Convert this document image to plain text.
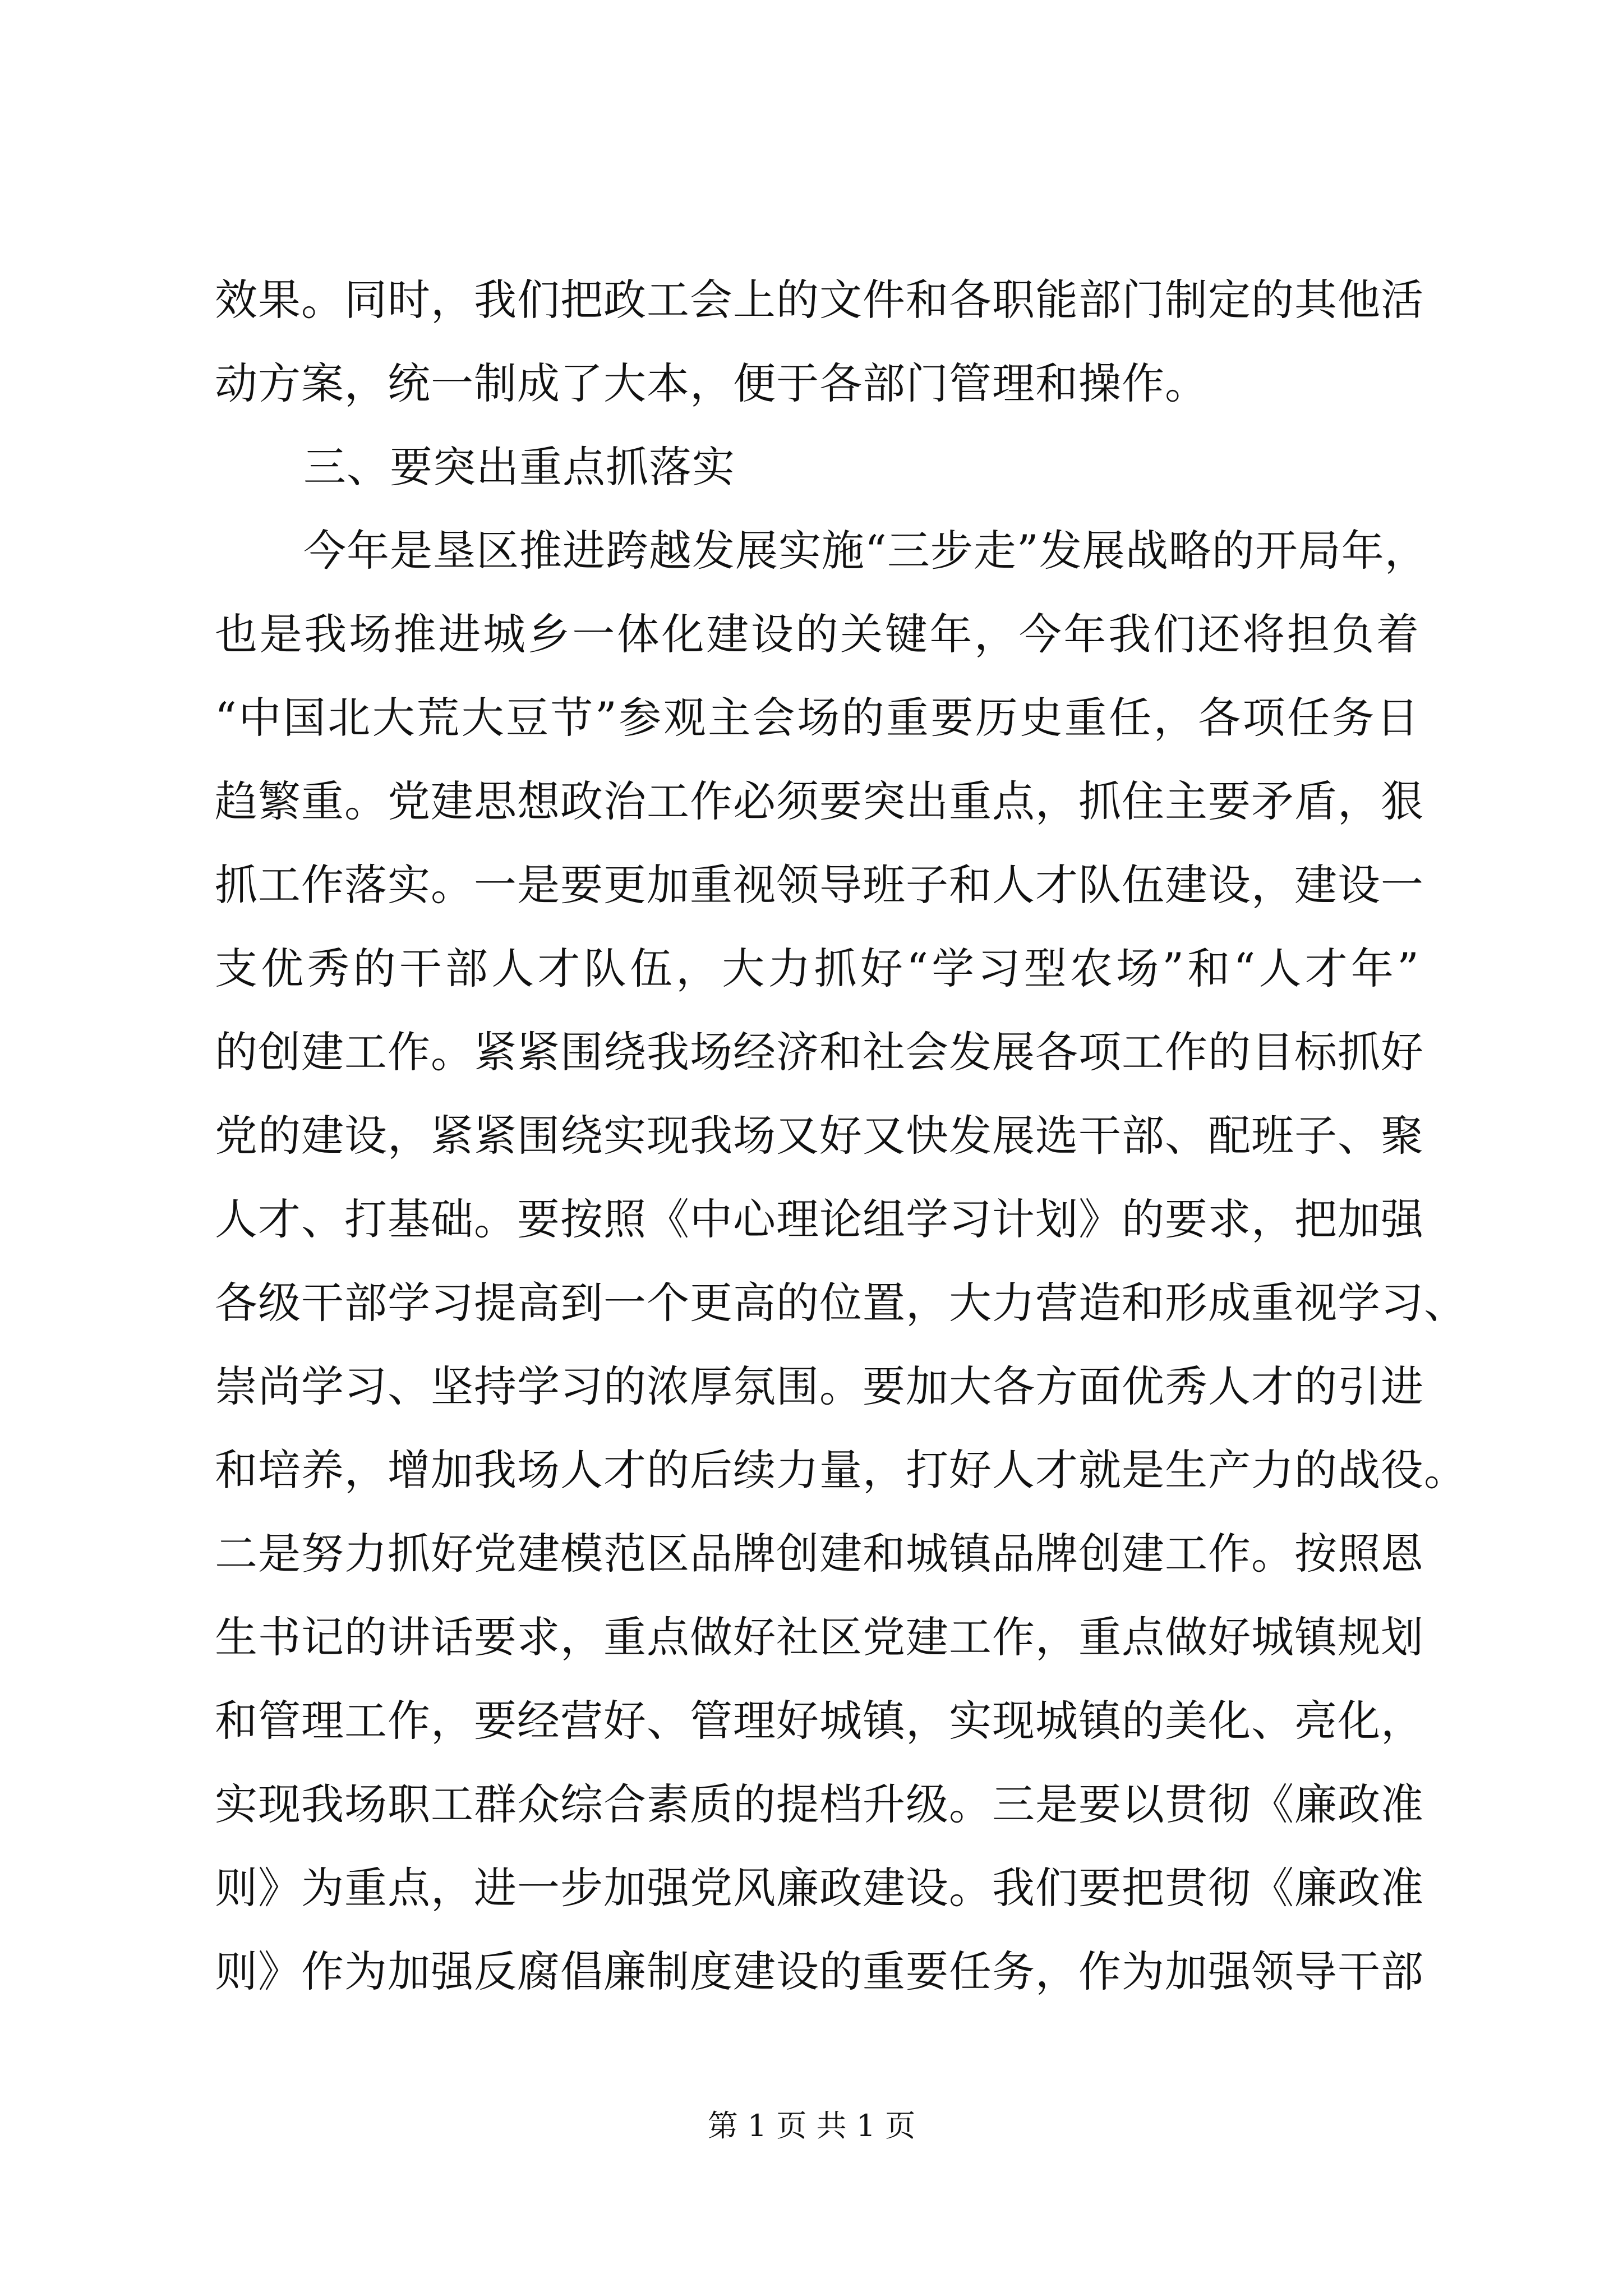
效果。同时，我们把政工会上的文件和各职能部门制定的其他活
动方案，统一制成了大本，便于各部门管理和操作。
三、要突出重点抓落实
今年是垦区推进跨越发展实施“三步走”发展战略的开局年，
也是我场推进城乡一体化建设的关键年，今年我们还将担负着
“中国北大荒大豆节”参观主会场的重要历史重任，各项任务日
趋繁重。党建思想政治工作必须要突出重点，抓住主要矛盾，狠
抓工作落实。一是要更加重视领导班子和人才队伍建设，建设一
支优秀的干部人才队伍，大力抓好“学习型农场”和“人才年”
的创建工作。紧紧围绕我场经济和社会发展各项工作的目标抓好
党的建设，紧紧围绕实现我场又好又快发展选干部、配班子、聚
人才、打基础。要按照《中心理论组学习计划》的要求，把加强
各级干部学习提高到一个更高的位置，大力营造和形成重视学习、
崇尚学习、坚持学习的浓厚氛围。要加大各方面优秀人才的引进
和培养，增加我场人才的后续力量，打好人才就是生产力的战役。
二是努力抓好党建模范区品牌创建和城镇品牌创建工作。按照恩
生书记的讲话要求，重点做好社区党建工作，重点做好城镇规划
和管理工作，要经营好、管理好城镇，实现城镇的美化、亮化，
实现我场职工群众综合素质的提档升级。三是要以贯彻《廉政准
则》为重点，进一步加强党风廉政建设。我们要把贯彻《廉政准
则》作为加强反腐倡廉制度建设的重要任务，作为加强领导干部
第 1 页 共 1 页
